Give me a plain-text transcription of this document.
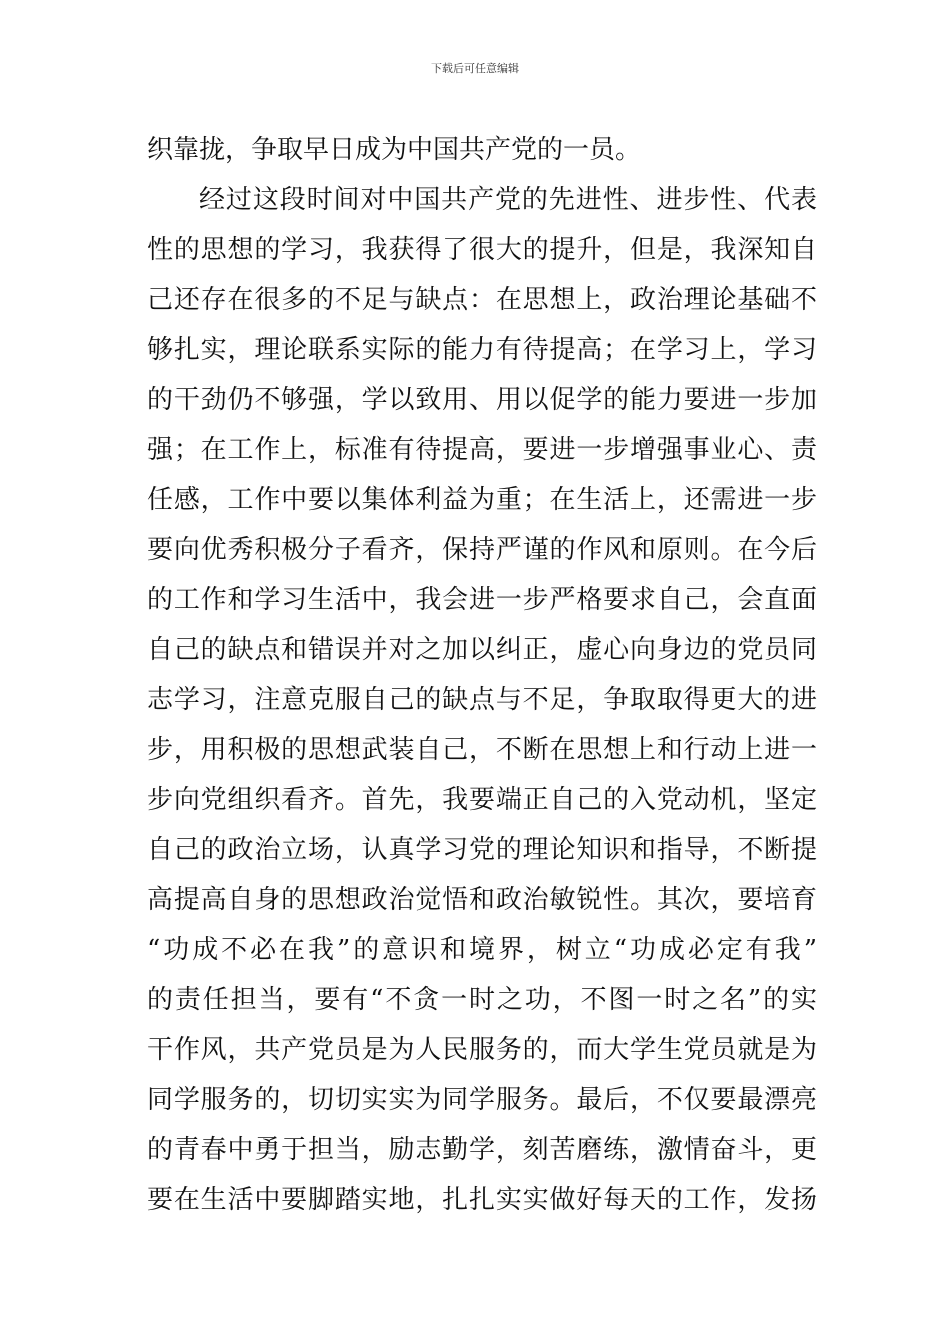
下载后可任意编辑
织靠拢，争取早日成为中国共产党的一员。
经过这段时间对中国共产党的先进性、进步性、代表
性的思想的学习，我获得了很大的提升，但是，我深知自
己还存在很多的不足与缺点：在思想上，政治理论基础不
够扎实，理论联系实际的能力有待提高；在学习上，学习
的干劲仍不够强，学以致用、用以促学的能力要进一步加
强；在工作上，标准有待提高，要进一步增强事业心、责
任感，工作中要以集体利益为重；在生活上，还需进一步
要向优秀积极分子看齐，保持严谨的作风和原则。在今后
的工作和学习生活中，我会进一步严格要求自己，会直面
自己的缺点和错误并对之加以纠正，虚心向身边的党员同
志学习，注意克服自己的缺点与不足，争取取得更大的进
步，用积极的思想武装自己，不断在思想上和行动上进一
步向党组织看齐。首先，我要端正自己的入党动机，坚定
自己的政治立场，认真学习党的理论知识和指导，不断提
高提高自身的思想政治觉悟和政治敏锐性。其次，要培育
“功成不必在我”的意识和境界，树立“功成必定有我”
的责任担当，要有“不贪一时之功，不图一时之名”的实
干作风，共产党员是为人民服务的，而大学生党员就是为
同学服务的，切切实实为同学服务。最后，不仅要最漂亮
的青春中勇于担当，励志勤学，刻苦磨练，激情奋斗，更
要在生活中要脚踏实地，扎扎实实做好每天的工作，发扬
